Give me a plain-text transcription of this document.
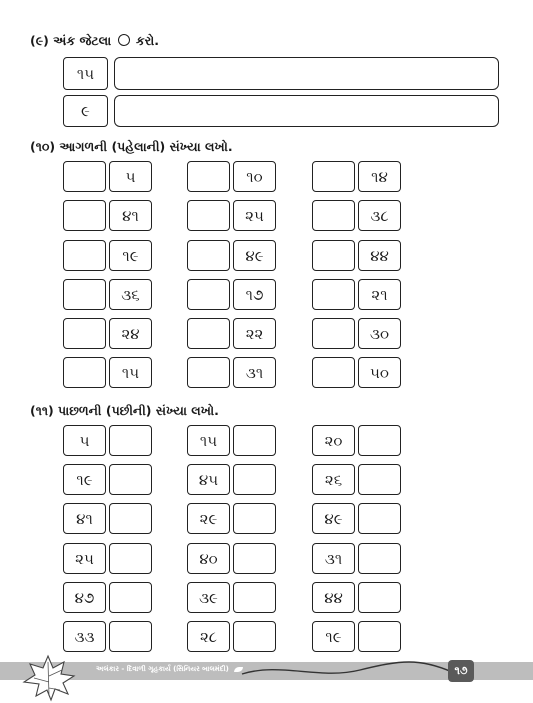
(૯) અંક જેટલા કરો.
૧૫
૯
(૧૦) આગળની (પહેલાની) સંખ્યા લખો.
૫
૪૧
૧૯
૩૬
૨૪
૧૫
૧૦
૨૫
૪૯
૧૭
૨૨
૩૧
૧૪
૩૮
૪૪
૨૧
૩૦
૫૦
(૧૧) પાછળની (પછીની) સંખ્યા લખો.
૫
૧૯
૪૧
૨૫
૪૭
૩૩
૧૫
૪૫
૨૯
૪૦
૩૯
૨૮
૨૦
૨૬
૪૯
૩૧
૪૪
૧૯
અલંકાર - દિવાળી ગૃહકાર્ય (સિનિયર બાલમંદી)	૧૭
